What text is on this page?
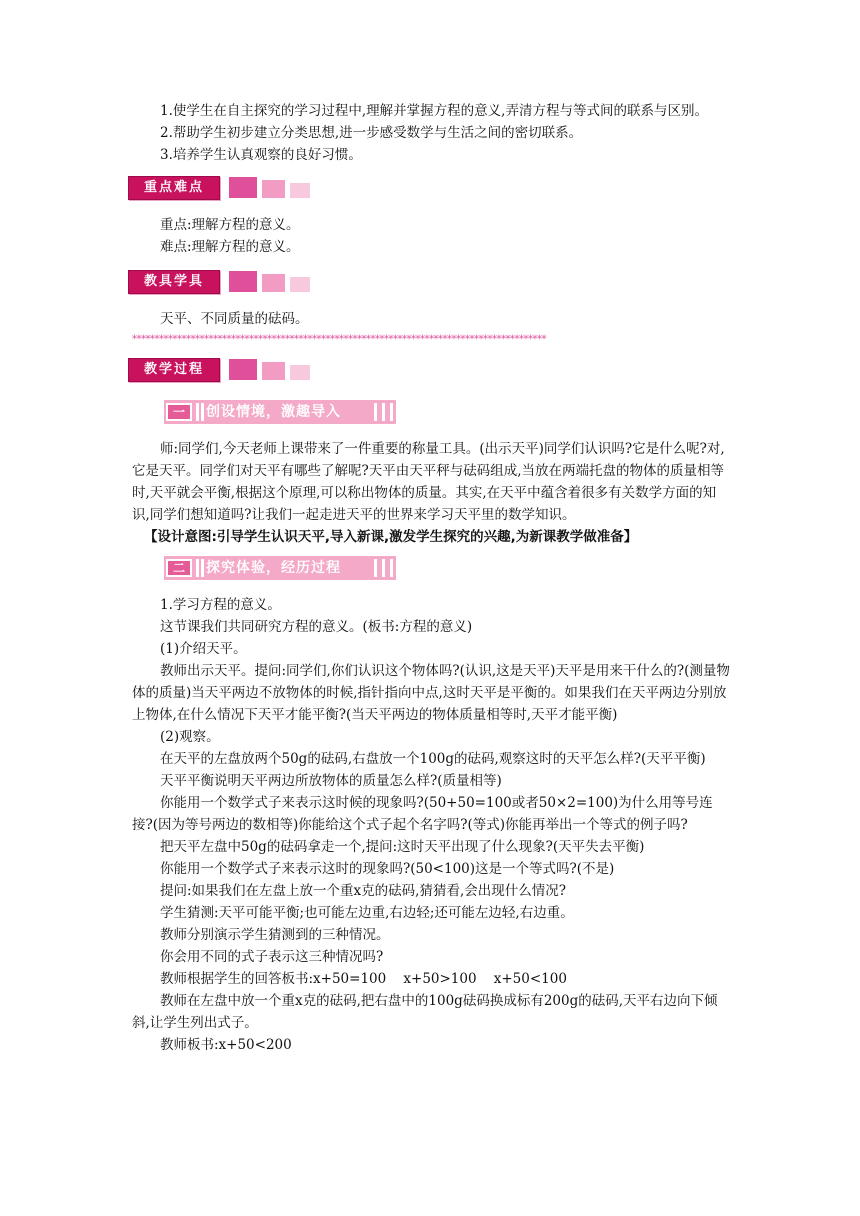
1.使学生在自主探究的学习过程中,理解并掌握方程的意义,弄清方程与等式间的联系与区别。

2.帮助学生初步建立分类思想,进一步感受数学与生活之间的密切联系。

3.培养学生认真观察的良好习惯。

重点难点

重点:理解方程的意义。

难点:理解方程的意义。

教具学具

天平、不同质量的砝码。

********************************************************************************************
教学过程
一	创设情境，激趣导入

师:同学们,今天老师上课带来了一件重要的称量工具。(出示天平)同学们认识吗?它是什么呢?对,它是天平。同学们对天平有哪些了解呢?天平由天平秤与砝码组成,当放在两端托盘的物体的质量相等时,天平就会平衡,根据这个原理,可以称出物体的质量。其实,在天平中蕴含着很多有关数学方面的知识,同学们想知道吗?让我们一起走进天平的世界来学习天平里的数学知识。

【设计意图:引导学生认识天平,导入新课,激发学生探究的兴趣,为新课教学做准备】

二	探究体验，经历过程

1.学习方程的意义。

这节课我们共同研究方程的意义。(板书:方程的意义)

(1)介绍天平。

教师出示天平。提问:同学们,你们认识这个物体吗?(认识,这是天平)天平是用来干什么的?(测量物体的质量)当天平两边不放物体的时候,指针指向中点,这时天平是平衡的。如果我们在天平两边分别放上物体,在什么情况下天平才能平衡?(当天平两边的物体质量相等时,天平才能平衡)

(2)观察。

在天平的左盘放两个50g的砝码,右盘放一个100g的砝码,观察这时的天平怎么样?(天平平衡)

天平平衡说明天平两边所放物体的质量怎么样?(质量相等)

你能用一个数学式子来表示这时候的现象吗?(50+50=100或者50×2=100)为什么用等号连接?(因为等号两边的数相等)你能给这个式子起个名字吗?(等式)你能再举出一个等式的例子吗?

把天平左盘中50g的砝码拿走一个,提问:这时天平出现了什么现象?(天平失去平衡)

你能用一个数学式子来表示这时的现象吗?(50<100)这是一个等式吗?(不是)

提问:如果我们在左盘上放一个重x克的砝码,猜猜看,会出现什么情况?

学生猜测:天平可能平衡;也可能左边重,右边轻;还可能左边轻,右边重。

教师分别演示学生猜测到的三种情况。

你会用不同的式子表示这三种情况吗?

教师根据学生的回答板书:x+50=100    x+50>100    x+50<100

教师在左盘中放一个重x克的砝码,把右盘中的100g砝码换成标有200g的砝码,天平右边向下倾斜,让学生列出式子。

教师板书:x+50<200
